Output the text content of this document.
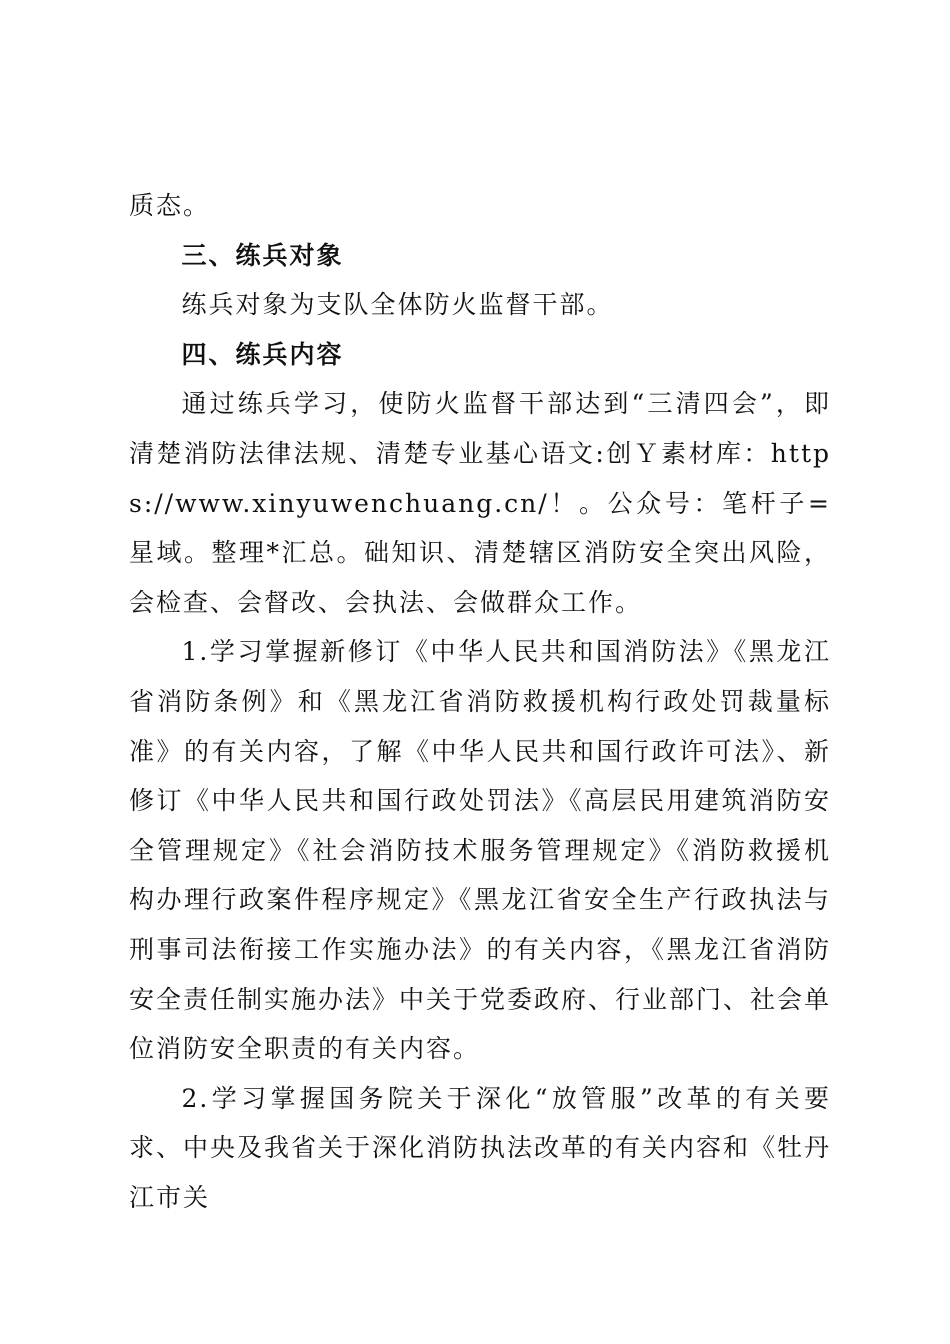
质态。

三、练兵对象

练兵对象为支队全体防火监督干部。

四、练兵内容

通过练兵学习，使防火监督干部达到“三清四会”，即清楚消防法律法规、清楚专业基心语文:创Ｙ素材库：https://www.xinyuwenchuang.cn/！。公众号：笔杆子=星域。整理*汇总。础知识、清楚辖区消防安全突出风险，会检查、会督改、会执法、会做群众工作。

1.学习掌握新修订《中华人民共和国消防法》《黑龙江省消防条例》和《黑龙江省消防救援机构行政处罚裁量标准》的有关内容，了解《中华人民共和国行政许可法》、新修订《中华人民共和国行政处罚法》《高层民用建筑消防安全管理规定》《社会消防技术服务管理规定》《消防救援机构办理行政案件程序规定》《黑龙江省安全生产行政执法与刑事司法衔接工作实施办法》的有关内容，《黑龙江省消防安全责任制实施办法》中关于党委政府、行业部门、社会单位消防安全职责的有关内容。

2.学习掌握国务院关于深化“放管服”改革的有关要求、中央及我省关于深化消防执法改革的有关内容和《牡丹江市关
